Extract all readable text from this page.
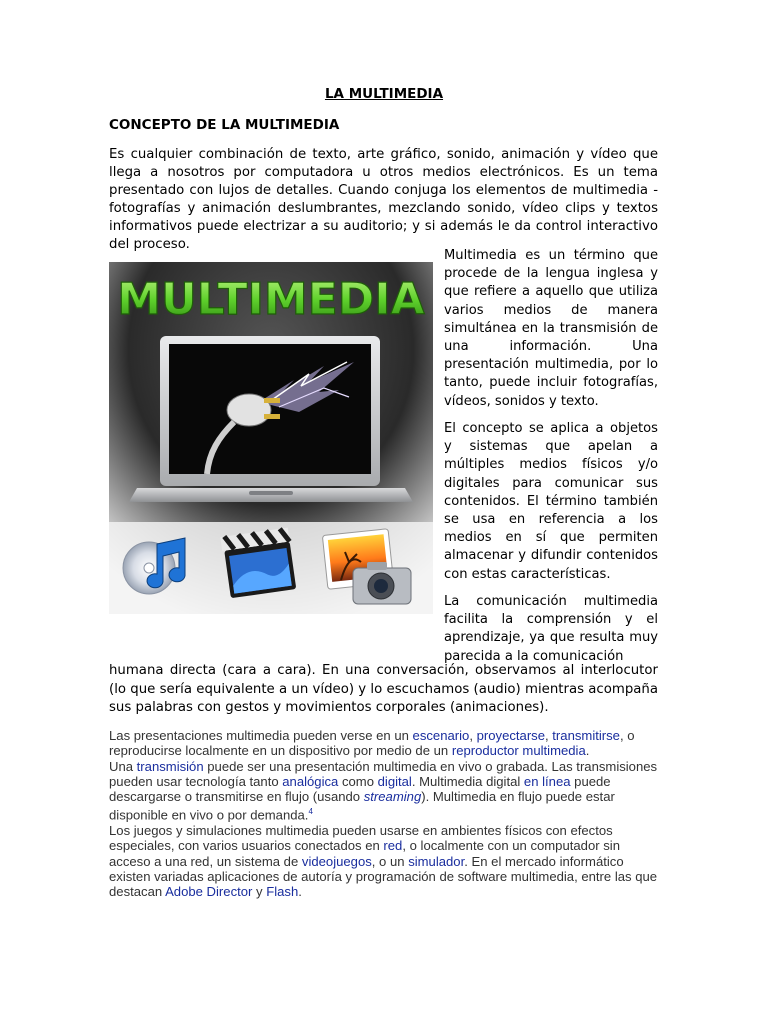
LA MULTIMEDIA
CONCEPTO DE LA MULTIMEDIA
Es cualquier combinación de texto, arte gráfico, sonido, animación y vídeo que llega a nosotros por computadora u otros medios electrónicos. Es un tema presentado con lujos de detalles. Cuando conjuga los elementos de multimedia - fotografías y animación deslumbrantes, mezclando sonido, vídeo clips y textos informativos puede electrizar a su auditorio; y si además le da control interactivo del proceso.
MULTIMEDIA
Multimedia es un término que procede de la lengua inglesa y que refiere a aquello que utiliza varios medios de manera simultánea en la transmisión de una información. Una presentación multimedia, por lo tanto, puede incluir fotografías, vídeos, sonidos y texto.
El concepto se aplica a objetos y sistemas que apelan a múltiples medios físicos y/o digitales para comunicar sus contenidos. El término también se usa en referencia a los medios en sí que permiten almacenar y difundir contenidos con estas características.
La comunicación multimedia facilita la comprensión y el aprendizaje, ya que resulta muy parecida a la comunicación
humana directa (cara a cara). En una conversación, observamos al interlocutor (lo que sería equivalente a un vídeo) y lo escuchamos (audio) mientras acompaña sus palabras con gestos y movimientos corporales (animaciones).
Las presentaciones multimedia pueden verse en un escenario, proyectarse, transmitirse, o reproducirse localmente en un dispositivo por medio de un reproductor multimedia.
Una transmisión puede ser una presentación multimedia en vivo o grabada. Las transmisiones pueden usar tecnología tanto analógica como digital. Multimedia digital en línea puede descargarse o transmitirse en flujo (usando streaming). Multimedia en flujo puede estar disponible en vivo o por demanda.$^4$
Los juegos y simulaciones multimedia pueden usarse en ambientes físicos con efectos especiales, con varios usuarios conectados en red, o localmente con un computador sin acceso a una red, un sistema de videojuegos, o un simulador. En el mercado informático existen variadas aplicaciones de autoría y programación de software multimedia, entre las que destacan Adobe Director y Flash.
